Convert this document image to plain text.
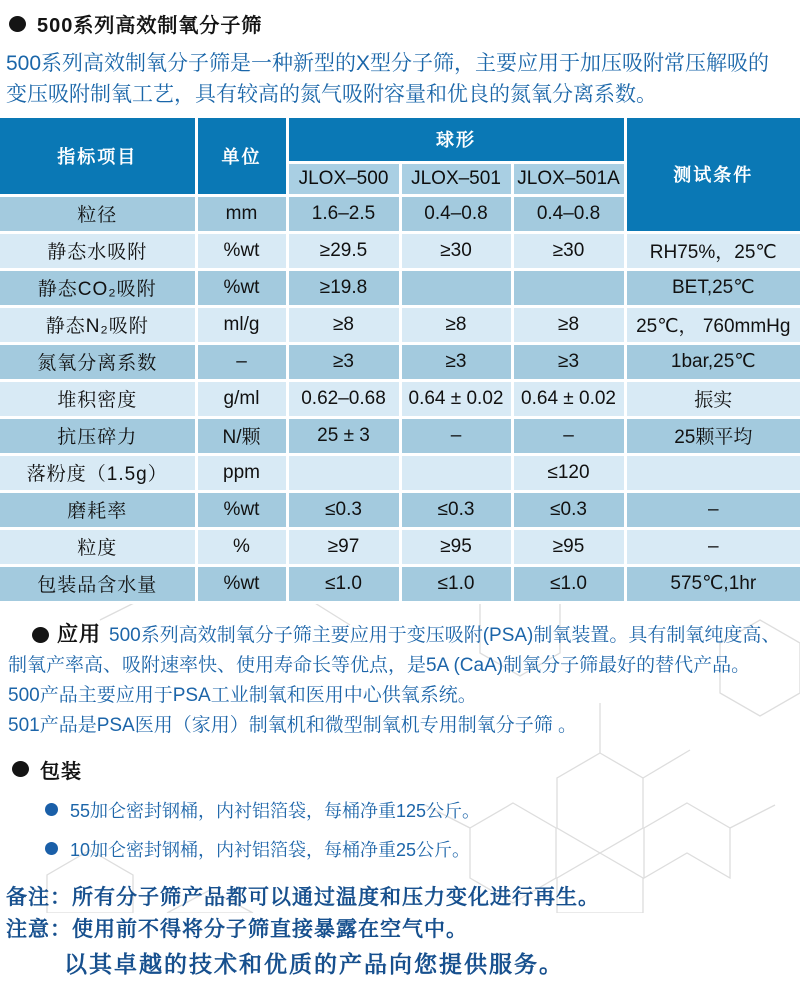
500系列高效制氧分子筛
500系列高效制氧分子筛是一种新型的X型分子筛，主要应用于加压吸附常压解吸的变压吸附制氧工艺，具有较高的氮气吸附容量和优良的氮氧分离系数。
指标项目	单位	球形			测试条件
		JLOX–500	JLOX–501	JLOX–501A	
粒径	mm	1.6–2.5	0.4–0.8	0.4–0.8	
静态水吸附	%wt	≥29.5	≥30	≥30	RH75%，25℃
静态CO₂吸附	%wt	≥19.8			BET,25℃
静态N₂吸附	ml/g	≥8	≥8	≥8	25℃， 760mmHg
氮氧分离系数	–	≥3	≥3	≥3	1bar,25℃
堆积密度	g/ml	0.62–0.68	0.64 ± 0.02	0.64 ± 0.02	振实
抗压碎力	N/颗	25 ± 3	–	–	25颗平均
落粉度（1.5g）	ppm			≤120	
磨耗率	%wt	≤0.3	≤0.3	≤0.3	–
粒度	%	≥97	≥95	≥95	–
包装品含水量	%wt	≤1.0	≤1.0	≤1.0	575℃,1hr

应用 500系列高效制氧分子筛主要应用于变压吸附(PSA)制氧装置。具有制氧纯度高、制氧产率高、吸附速率快、使用寿命长等优点，是5A (CaA)制氧分子筛最好的替代产品。

500产品主要应用于PSA工业制氧和医用中心供氧系统。

501产品是PSA医用（家用）制氧机和微型制氧机专用制氧分子筛 。

包装
55加仑密封钢桶，内衬铝箔袋，每桶净重125公斤。
10加仑密封钢桶，内衬铝箔袋，每桶净重25公斤。
备注：所有分子筛产品都可以通过温度和压力变化进行再生。
注意：使用前不得将分子筛直接暴露在空气中。
以其卓越的技术和优质的产品向您提供服务。
